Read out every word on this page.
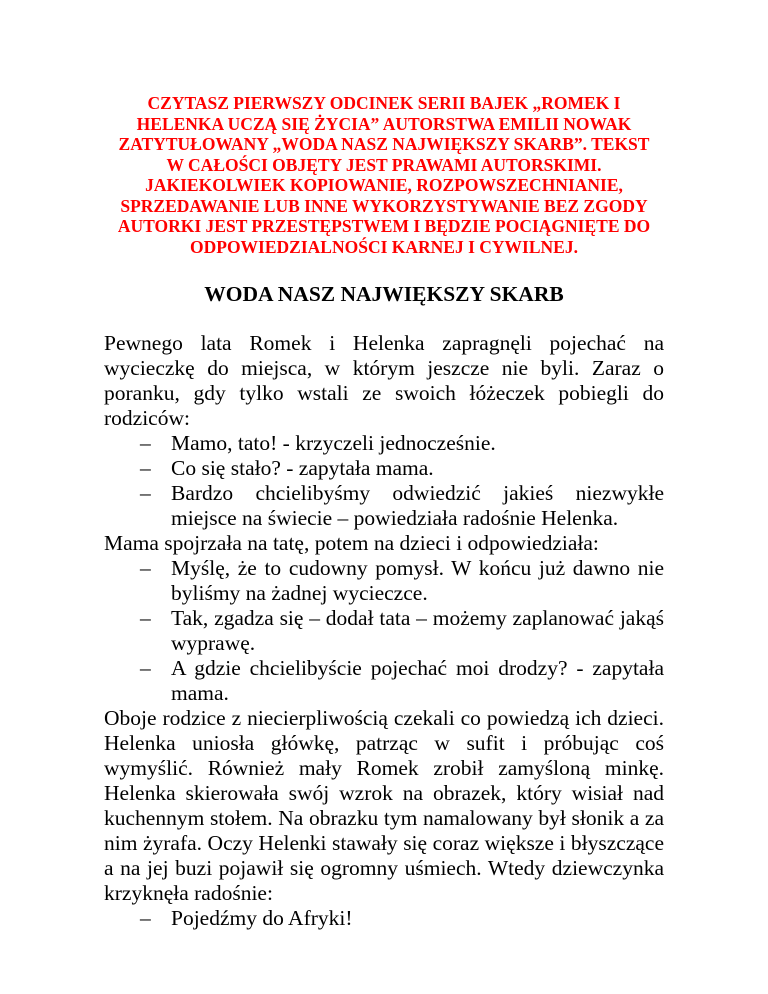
CZYTASZ PIERWSZY ODCINEK SERII BAJEK „ROMEK I HELENKA UCZĄ SIĘ ŻYCIA” AUTORSTWA EMILII NOWAK ZATYTUŁOWANY „WODA NASZ NAJWIĘKSZY SKARB”. TEKST W CAŁOŚCI OBJĘTY JEST PRAWAMI AUTORSKIMI. JAKIEKOLWIEK KOPIOWANIE, ROZPOWSZECHNIANIE, SPRZEDAWANIE LUB INNE WYKORZYSTYWANIE BEZ ZGODY AUTORKI JEST PRZESTĘPSTWEM I BĘDZIE POCIĄGNIĘTE DO ODPOWIEDZIALNOŚCI KARNEJ I CYWILNEJ.

WODA NASZ NAJWIĘKSZY SKARB

Pewnego lata Romek i Helenka zapragnęli pojechać na wycieczkę do miejsca, w którym jeszcze nie byli. Zaraz o poranku, gdy tylko wstali ze swoich łóżeczek pobiegli do rodziców:

– Mamo, tato! - krzyczeli jednocześnie.
– Co się stało? - zapytała mama.
– Bardzo chcielibyśmy odwiedzić jakieś niezwykłe miejsce na świecie – powiedziała radośnie Helenka.

Mama spojrzała na tatę, potem na dzieci i odpowiedziała:

– Myślę, że to cudowny pomysł. W końcu już dawno nie byliśmy na żadnej wycieczce.
– Tak, zgadza się – dodał tata – możemy zaplanować jakąś wyprawę.
– A gdzie chcielibyście pojechać moi drodzy? - zapytała mama.

Oboje rodzice z niecierpliwością czekali co powiedzą ich dzieci. Helenka uniosła główkę, patrząc w sufit i próbując coś wymyślić. Również mały Romek zrobił zamyśloną minkę. Helenka skierowała swój wzrok na obrazek, który wisiał nad kuchennym stołem. Na obrazku tym namalowany był słonik a za nim żyrafa. Oczy Helenki stawały się coraz większe i błyszczące a na jej buzi pojawił się ogromny uśmiech. Wtedy dziewczynka krzyknęła radośnie:

– Pojedźmy do Afryki!
